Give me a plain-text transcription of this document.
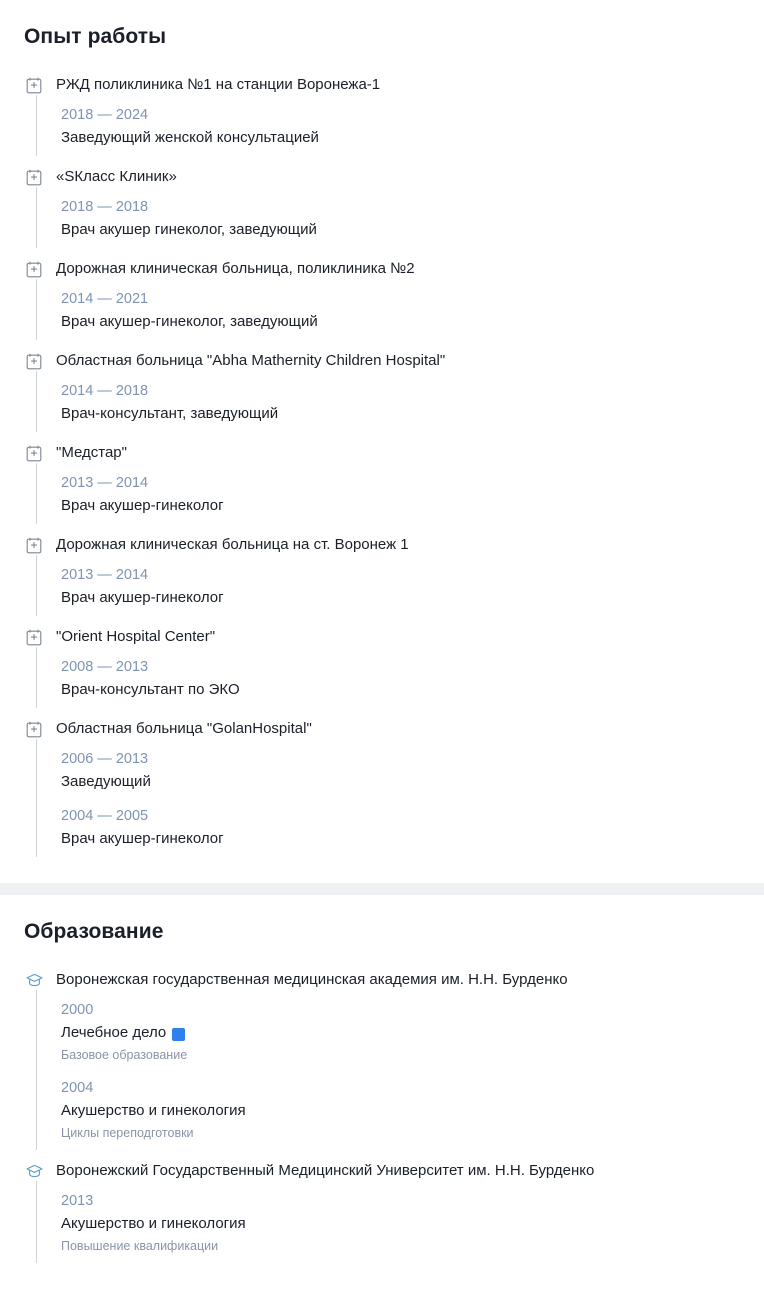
Опыт работы
РЖД поликлиника №1 на станции Воронежа-1
2018 — 2024
Заведующий женской консультацией
«SКласс Клиник»
2018 — 2018
Врач акушер гинеколог, заведующий
Дорожная клиническая больница, поликлиника №2
2014 — 2021
Врач акушер-гинеколог, заведующий
Областная больница "Abha Mathernity Children Hospital"
2014 — 2018
Врач-консультант, заведующий
"Медстар"
2013 — 2014
Врач акушер-гинеколог
Дорожная клиническая больница на ст. Воронеж 1
2013 — 2014
Врач акушер-гинеколог
"Orient Hospital Center"
2008 — 2013
Врач-консультант по ЭКО
Областная больница "GolanHospital"
2006 — 2013
Заведующий
2004 — 2005
Врач акушер-гинеколог
Образование
Воронежская государственная медицинская академия им. Н.Н. Бурденко
2000
Лечебное дело
Базовое образование
2004
Акушерство и гинекология
Циклы переподготовки
Воронежский Государственный Медицинский Университет им. Н.Н. Бурденко
2013
Акушерство и гинекология
Повышение квалификации
